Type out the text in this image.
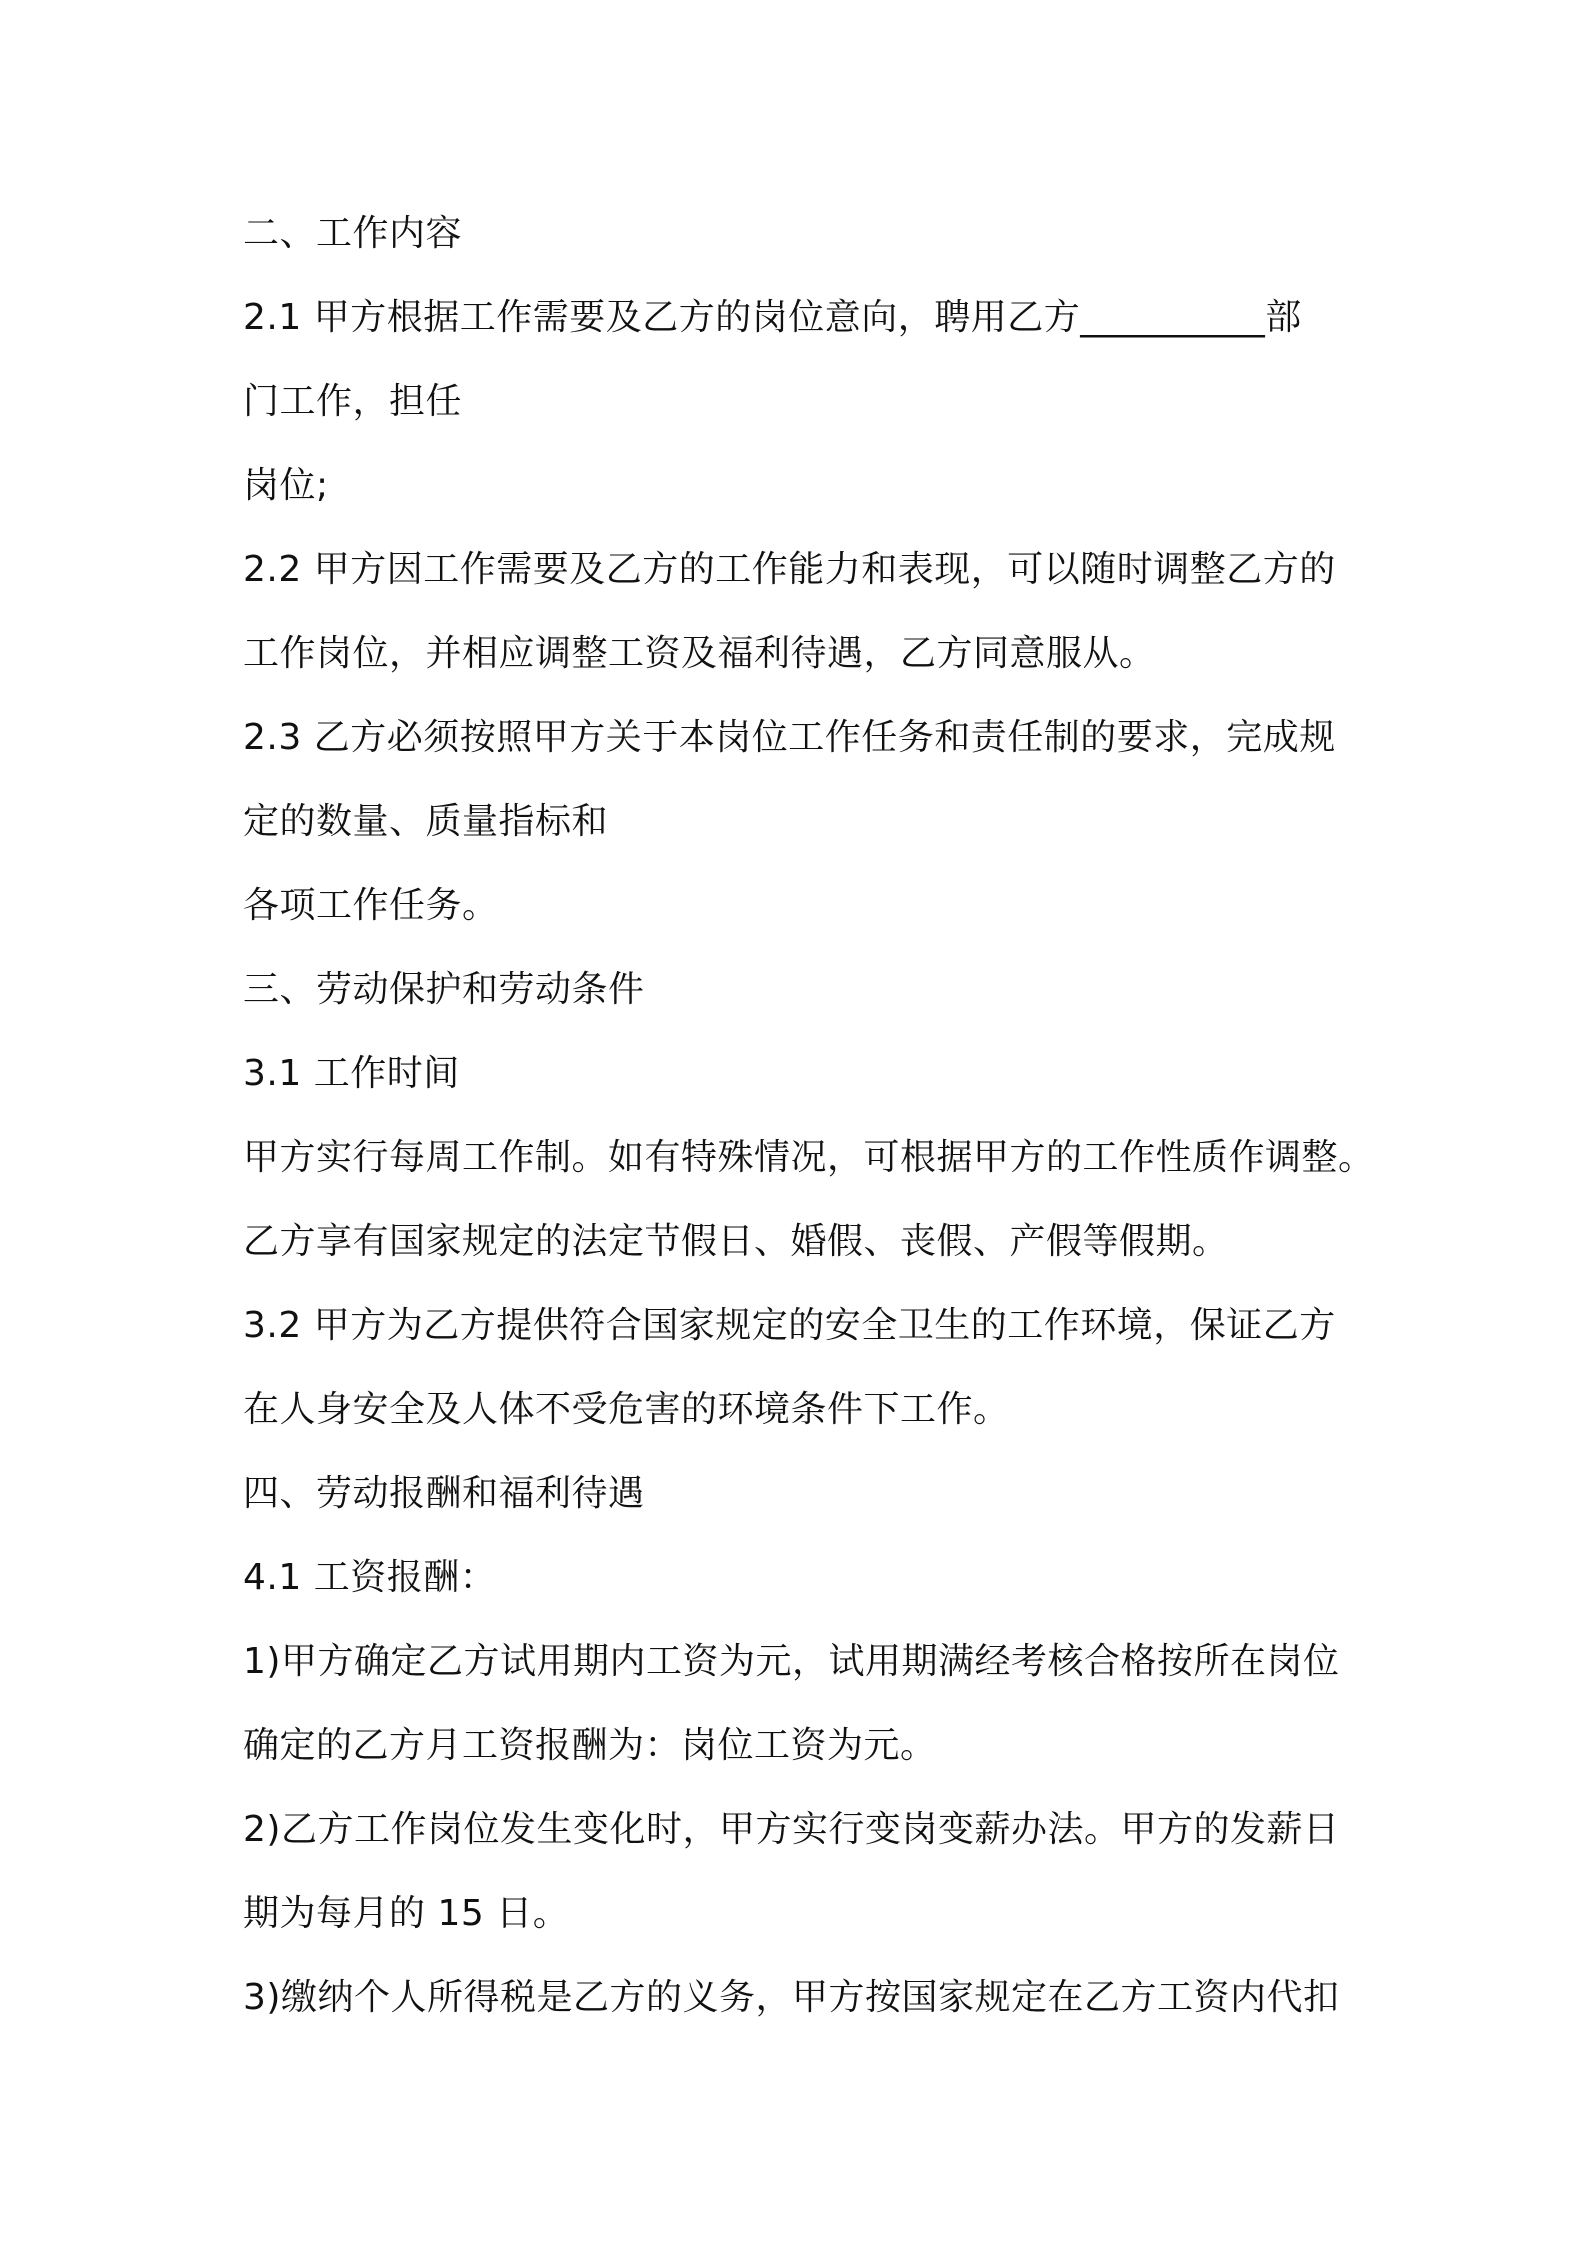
二、工作内容
2.1 甲方根据工作需要及乙方的岗位意向，聘用乙方__________部
门工作，担任
岗位;
2.2 甲方因工作需要及乙方的工作能力和表现，可以随时调整乙方的
工作岗位，并相应调整工资及福利待遇，乙方同意服从。
2.3 乙方必须按照甲方关于本岗位工作任务和责任制的要求，完成规
定的数量、质量指标和
各项工作任务。
三、劳动保护和劳动条件
3.1 工作时间
甲方实行每周工作制。如有特殊情况，可根据甲方的工作性质作调整。
乙方享有国家规定的法定节假日、婚假、丧假、产假等假期。
3.2 甲方为乙方提供符合国家规定的安全卫生的工作环境，保证乙方
在人身安全及人体不受危害的环境条件下工作。
四、劳动报酬和福利待遇
4.1 工资报酬：
1)甲方确定乙方试用期内工资为元，试用期满经考核合格按所在岗位
确定的乙方月工资报酬为：岗位工资为元。
2)乙方工作岗位发生变化时，甲方实行变岗变薪办法。甲方的发薪日
期为每月的 15 日。
3)缴纳个人所得税是乙方的义务，甲方按国家规定在乙方工资内代扣
